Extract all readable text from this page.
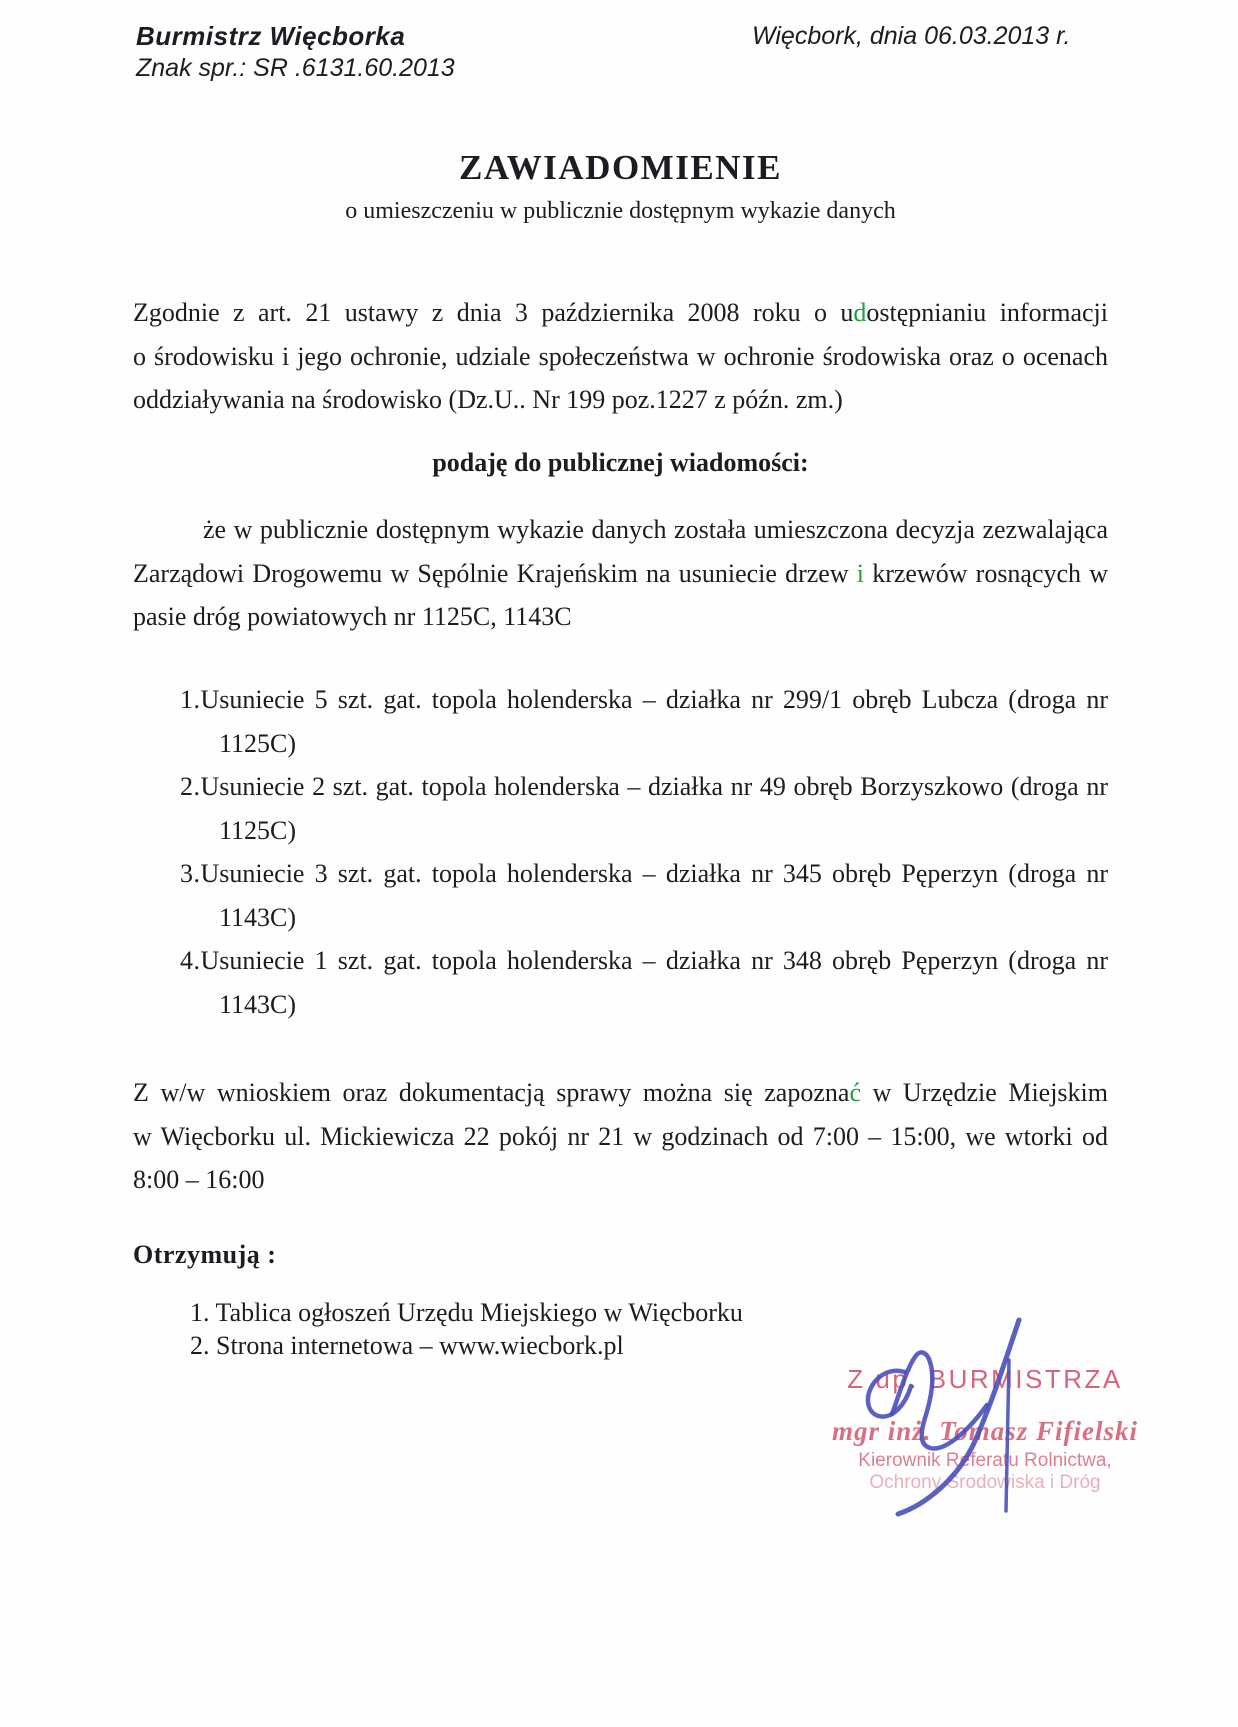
Burmistrz Więcborka
Znak spr.: SR .6131.60.2013
Więcbork, dnia 06.03.2013 r.
ZAWIADOMIENIE
o umieszczeniu w publicznie dostępnym wykazie danych
Zgodnie z art. 21 ustawy z dnia 3 października 2008 roku o udostępnianiu informacji
o środowisku i jego ochronie, udziale społeczeństwa w ochronie środowiska oraz o ocenach
oddziaływania na środowisko (Dz.U.. Nr 199 poz.1227 z późn. zm.)
podaję do publicznej wiadomości:
że w publicznie dostępnym wykazie danych została umieszczona decyzja zezwalająca
Zarządowi Drogowemu w Sępólnie Krajeńskim na usuniecie drzew i krzewów rosnących w
pasie dróg powiatowych nr 1125C, 1143C
1.Usuniecie 5 szt. gat. topola holenderska – działka nr 299/1 obręb Lubcza (droga nr
1125C)
2.Usuniecie 2 szt. gat. topola holenderska – działka nr 49 obręb Borzyszkowo (droga nr
1125C)
3.Usuniecie 3 szt. gat. topola holenderska – działka nr 345 obręb Pęperzyn (droga nr
1143C)
4.Usuniecie 1 szt. gat. topola holenderska – działka nr 348 obręb Pęperzyn (droga nr
1143C)
Z w/w wnioskiem oraz dokumentacją sprawy można się zapoznać w Urzędzie Miejskim
w Więcborku ul. Mickiewicza 22 pokój nr 21 w godzinach od 7:00 – 15:00, we wtorki od
8:00 – 16:00
Otrzymują :
1. Tablica ogłoszeń Urzędu Miejskiego w Więcborku
2. Strona internetowa – www.wiecbork.pl
Z up. BURMISTRZA
mgr inż. Tomasz Fifielski
Kierownik Referatu Rolnictwa,
Ochrony Środowiska i Dróg
